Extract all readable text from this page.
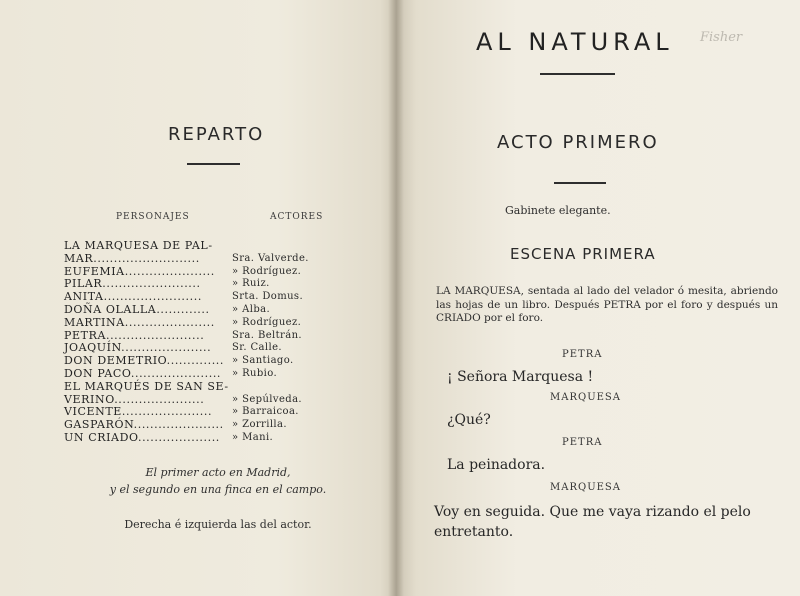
REPARTO
PERSONAJES	ACTORES
LA MARQUESA DE PAL-
MAR..........................	Sra. Valverde.
EUFEMIA...................... » Rodríguez.
PILAR........................	» Ruiz.
ANITA........................	Srta. Domus.
DOÑA OLALLA............. » Alba.
MARTINA...................... » Rodríguez.
PETRA........................	Sra. Beltrán.
JOAQUÍN...................... Sr. Calle.
DON DEMETRIO.............. » Santiago.
DON PACO...................... » Rubio.
EL MARQUÉS DE SAN SE-
VERINO......................	» Sepúlveda.
VICENTE...................... » Barraicoa.
GASPARÓN...................... » Zorrilla.
UN CRIADO.................... » Mani.
El primer acto en Madrid,
y el segundo en una finca en el campo.
Derecha é izquierda las del actor.
AL NATURAL Fisher
ACTO PRIMERO
Gabinete elegante.
ESCENA PRIMERA
LA MARQUESA, sentada al lado del velador ó mesita, abriendo las hojas de un libro. Después PETRA por el foro y después un CRIADO por el foro.
PETRA
¡ Señora Marquesa !
MARQUESA
¿Qué?
PETRA
La peinadora.
MARQUESA
Voy en seguida. Que me vaya rizando el pelo entretanto.
